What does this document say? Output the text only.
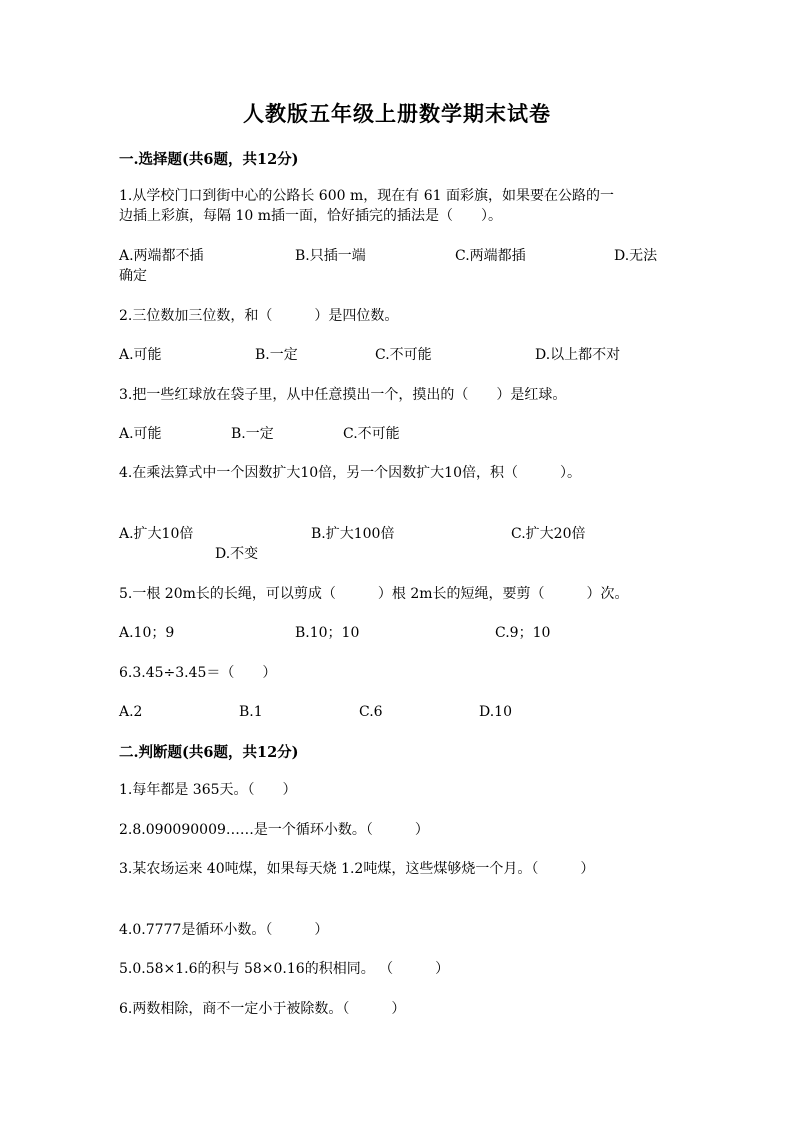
人教版五年级上册数学期末试卷
一.选择题(共6题，共12分)
1.从学校门口到街中心的公路长 600 m，现在有 61 面彩旗，如果要在公路的一
边插上彩旗，每隔 10 m插一面，恰好插完的插法是（　　）。
A.两端都不插	B.只插一端	C.两端都插	D.无法
确定
2.三位数加三位数，和（　　　）是四位数。
A.可能	B.一定	C.不可能	D.以上都不对
3.把一些红球放在袋子里，从中任意摸出一个，摸出的（　　）是红球。
A.可能	B.一定	C.不可能
4.在乘法算式中一个因数扩大10倍，另一个因数扩大10倍，积（　　　）。
A.扩大10倍	B.扩大100倍	C.扩大20倍
D.不变
5.一根 20m长的长绳，可以剪成（　　　）根 2m长的短绳，要剪（　　　）次。
A.10；9	B.10；10	C.9；10
6.3.45÷3.45＝（　　）
A.2	B.1	C.6	D.10
二.判断题(共6题，共12分)
1.每年都是 365天。（　　）
2.8.090090009……是一个循环小数。（　　　）
3.某农场运来 40吨煤，如果每天烧 1.2吨煤，这些煤够烧一个月。（　　　）
4.0.7777是循环小数。（　　　）
5.0.58×1.6的积与 58×0.16的积相同。 （　　　）
6.两数相除，商不一定小于被除数。（　　　）
